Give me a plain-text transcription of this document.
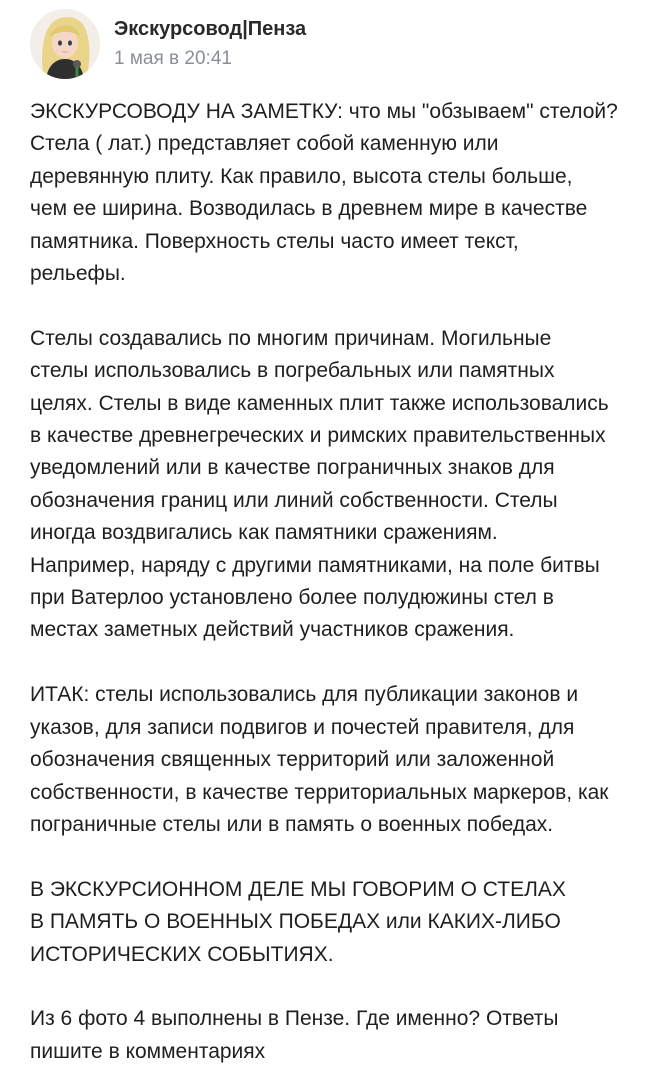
Экскурсовод|Пенза
1 мая в 20:41

ЭКСКУРСОВОДУ НА ЗАМЕТКУ: что мы "обзываем" стелой?
Стела ( лат.) представляет собой каменную или
деревянную плиту. Как правило, высота стелы больше,
чем ее ширина. Возводилась в древнем мире в качестве
памятника. Поверхность стелы часто имеет текст,
рельефы.

Стелы создавались по многим причинам. Могильные
стелы использовались в погребальных или памятных
целях. Стелы в виде каменных плит также использовались
в качестве древнегреческих и римских правительственных
уведомлений или в качестве пограничных знаков для
обозначения границ или линий собственности. Стелы
иногда воздвигались как памятники сражениям.
Например, наряду с другими памятниками, на поле битвы
при Ватерлоо установлено более полудюжины стел в
местах заметных действий участников сражения.

ИТАК: стелы использовались для публикации законов и
указов, для записи подвигов и почестей правителя, для
обозначения священных территорий или заложенной
собственности, в качестве территориальных маркеров, как
пограничные стелы или в память о военных победах.

В ЭКСКУРСИОННОМ ДЕЛЕ МЫ ГОВОРИМ О СТЕЛАХ
В ПАМЯТЬ О ВОЕННЫХ ПОБЕДАХ или КАКИХ-ЛИБО
ИСТОРИЧЕСКИХ СОБЫТИЯХ.

Из 6 фото 4 выполнены в Пензе. Где именно? Ответы
пишите в комментариях
